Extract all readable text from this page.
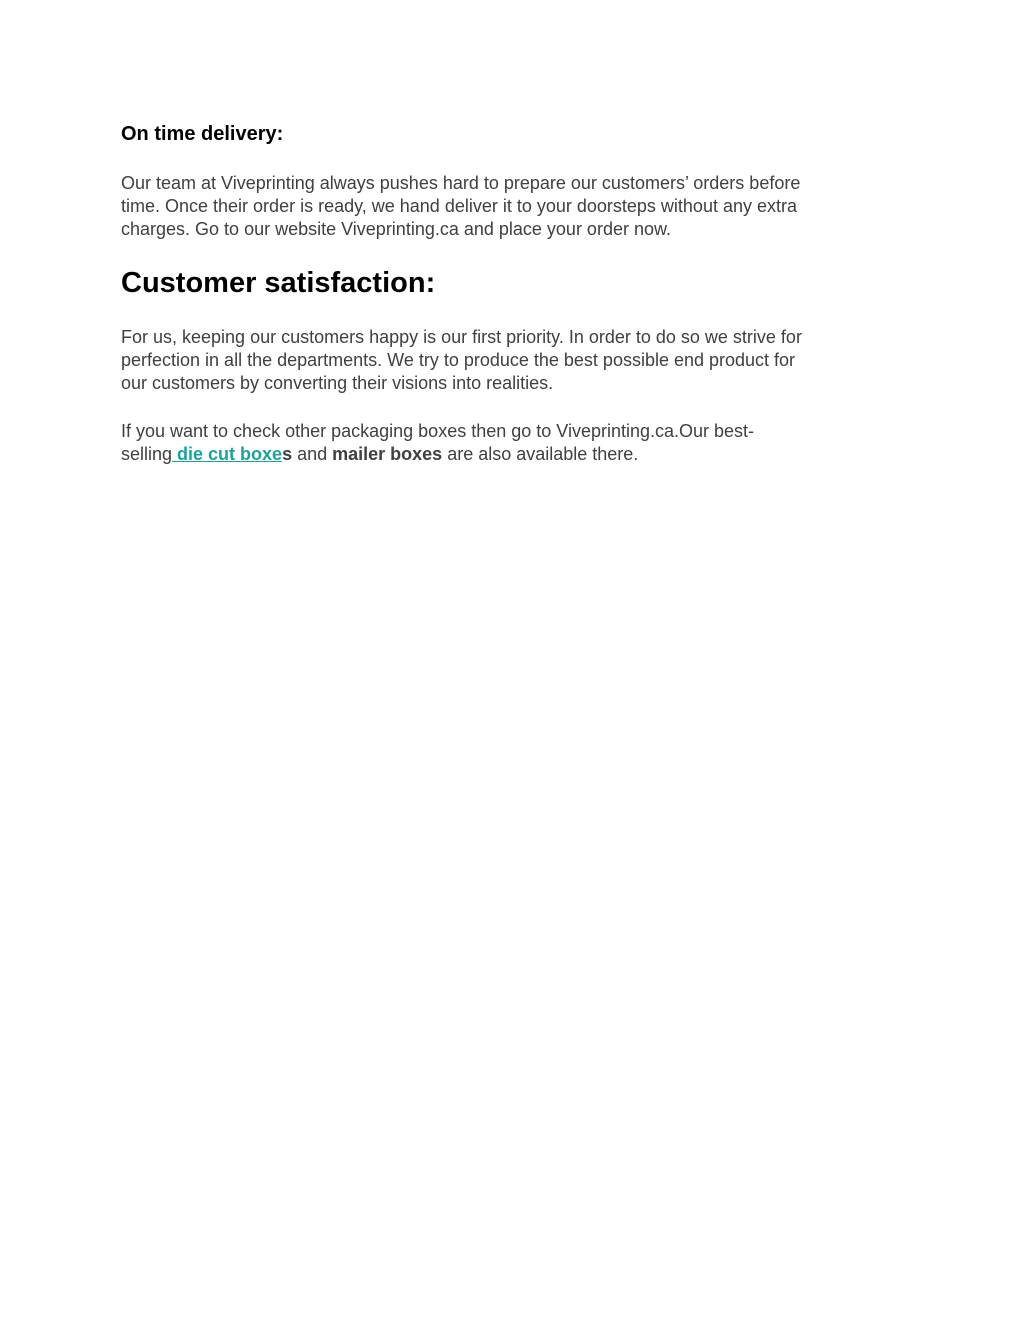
On time delivery:

Our team at Viveprinting always pushes hard to prepare our customers’ orders before
time. Once their order is ready, we hand deliver it to your doorsteps without any extra
charges. Go to our website Viveprinting.ca and place your order now.

Customer satisfaction:

For us, keeping our customers happy is our first priority. In order to do so we strive for
perfection in all the departments. We try to produce the best possible end product for
our customers by converting their visions into realities.

If you want to check other packaging boxes then go to Viveprinting.ca.Our best-
selling die cut boxes and mailer boxes are also available there.
